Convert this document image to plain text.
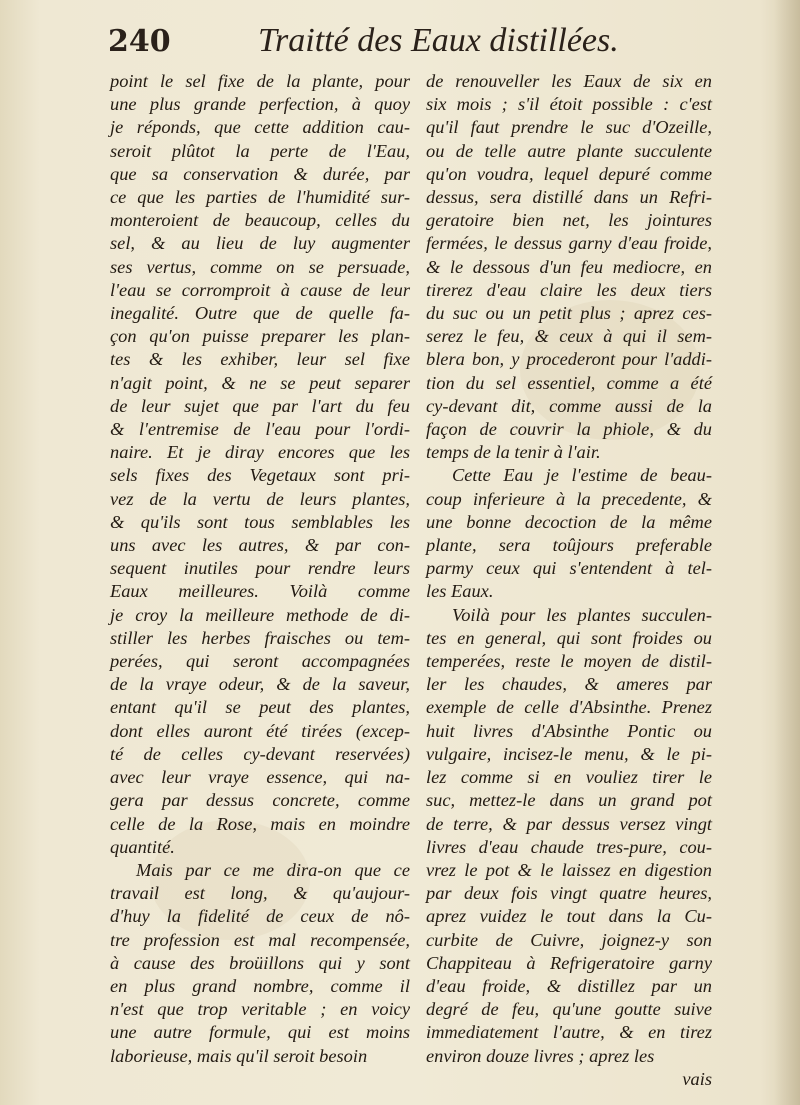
240	Traitté des Eaux distillées.
point le sel fixe de la plante, pour
une plus grande perfection, à quoy
je réponds, que cette addition cau-
seroit plûtot la perte de l'Eau,
que sa conservation & durée, par
ce que les parties de l'humidité sur-
monteroient de beaucoup, celles du
sel, & au lieu de luy augmenter
ses vertus, comme on se persuade,
l'eau se corromproit à cause de leur
inegalité. Outre que de quelle fa-
çon qu'on puisse preparer les plan-
tes & les exhiber, leur sel fixe
n'agit point, & ne se peut separer
de leur sujet que par l'art du feu
& l'entremise de l'eau pour l'ordi-
naire. Et je diray encores que les
sels fixes des Vegetaux sont pri-
vez de la vertu de leurs plantes,
& qu'ils sont tous semblables les
uns avec les autres, & par con-
sequent inutiles pour rendre leurs
Eaux meilleures. Voilà comme
je croy la meilleure methode de di-
stiller les herbes fraisches ou tem-
perées, qui seront accompagnées
de la vraye odeur, & de la saveur,
entant qu'il se peut des plantes,
dont elles auront été tirées (excep-
té de celles cy-devant reservées)
avec leur vraye essence, qui na-
gera par dessus concrete, comme
celle de la Rose, mais en moindre
quantité.
Mais par ce me dira-on que ce
travail est long, & qu'aujour-
d'huy la fidelité de ceux de nô-
tre profession est mal recompensée,
à cause des broüillons qui y sont
en plus grand nombre, comme il
n'est que trop veritable ; en voicy
une autre formule, qui est moins
laborieuse, mais qu'il seroit besoin
de renouveller les Eaux de six en
six mois ; s'il étoit possible : c'est
qu'il faut prendre le suc d'Ozeille,
ou de telle autre plante succulente
qu'on voudra, lequel depuré comme
dessus, sera distillé dans un Refri-
geratoire bien net, les jointures
fermées, le dessus garny d'eau froide,
& le dessous d'un feu mediocre, en
tirerez d'eau claire les deux tiers
du suc ou un petit plus ; aprez ces-
serez le feu, & ceux à qui il sem-
blera bon, y procederont pour l'addi-
tion du sel essentiel, comme a été
cy-devant dit, comme aussi de la
façon de couvrir la phiole, & du
temps de la tenir à l'air.
Cette Eau je l'estime de beau-
coup inferieure à la precedente, &
une bonne decoction de la même
plante, sera toûjours preferable
parmy ceux qui s'entendent à tel-
les Eaux.
Voilà pour les plantes succulen-
tes en general, qui sont froides ou
temperées, reste le moyen de distil-
ler les chaudes, & ameres par
exemple de celle d'Absinthe. Prenez
huit livres d'Absinthe Pontic ou
vulgaire, incisez-le menu, & le pi-
lez comme si en vouliez tirer le
suc, mettez-le dans un grand pot
de terre, & par dessus versez vingt
livres d'eau chaude tres-pure, cou-
vrez le pot & le laissez en digestion
par deux fois vingt quatre heures,
aprez vuidez le tout dans la Cu-
curbite de Cuivre, joignez-y son
Chappiteau à Refrigeratoire garny
d'eau froide, & distillez par un
degré de feu, qu'une goutte suive
immediatement l'autre, & en tirez
environ douze livres ; aprez les
vais
